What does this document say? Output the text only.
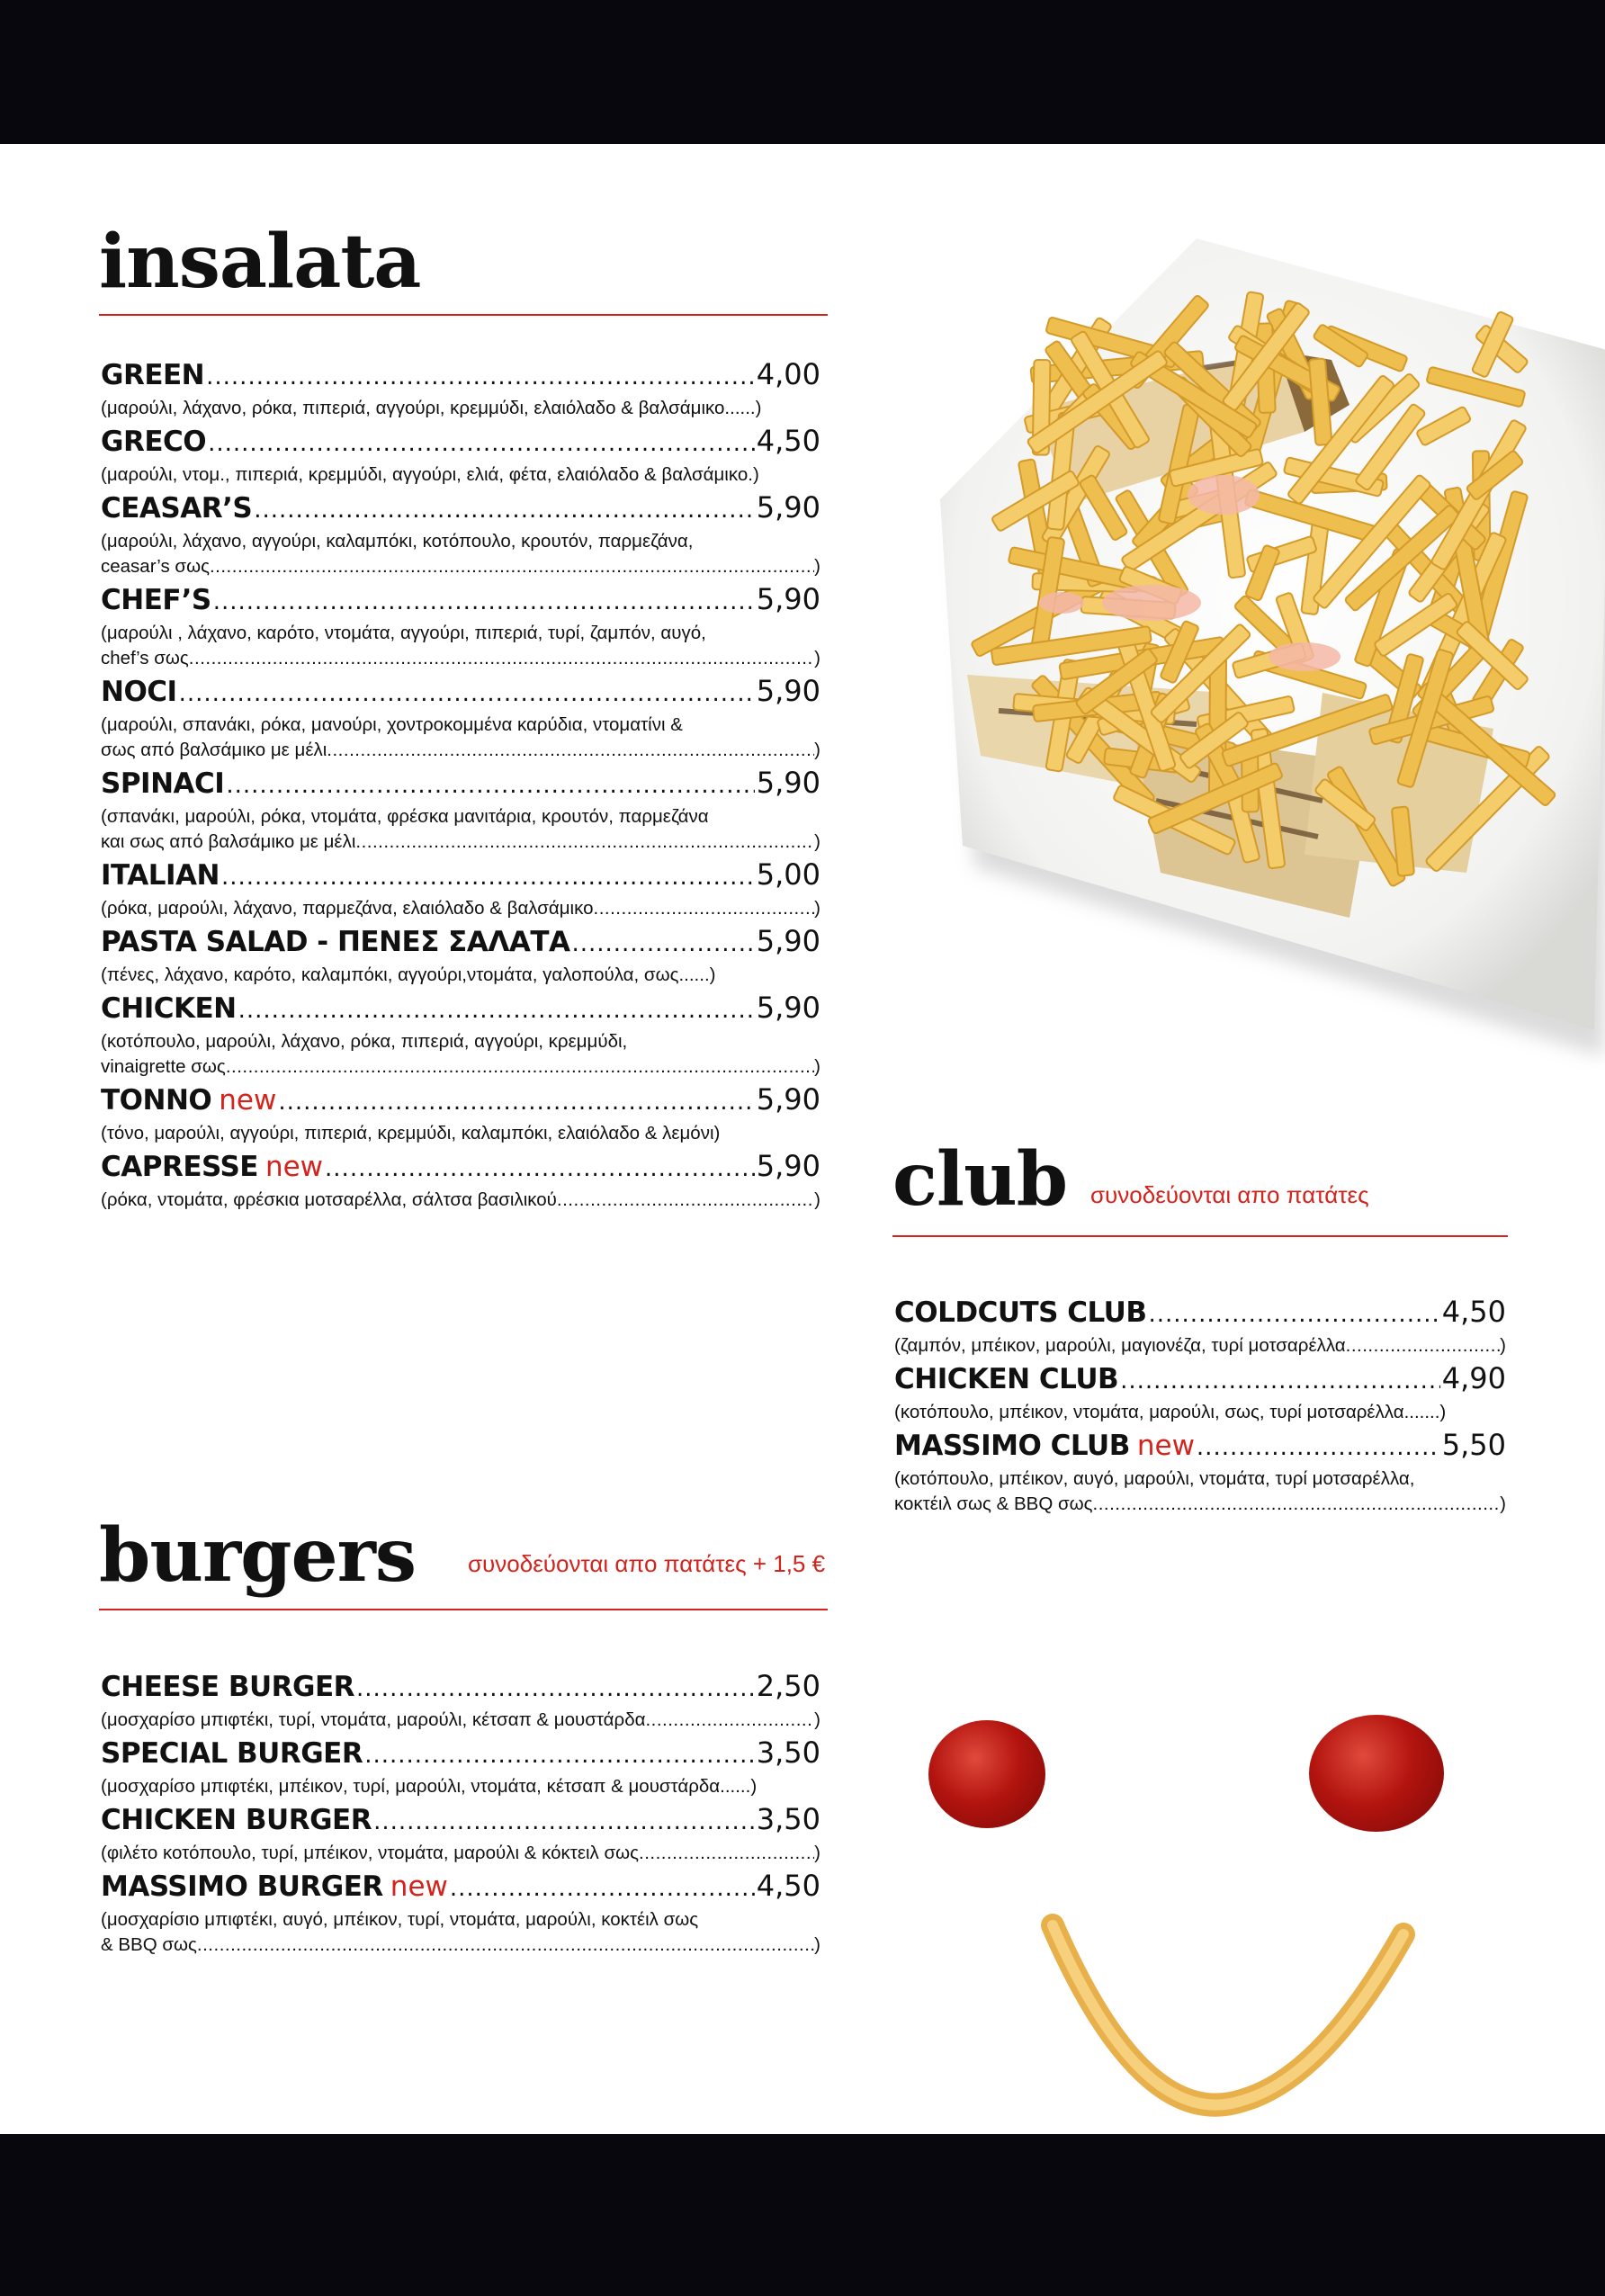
insalata
GREEN .....	4,00
(μαρούλι, λάχανο, ρόκα, πιπεριά, αγγούρι, κρεμμύδι, ελαιόλαδο & βαλσάμικο......)
GRECO .....	4,50
(μαρούλι, ντομ., πιπεριά, κρεμμύδι, αγγούρι, ελιά, φέτα, ελαιόλαδο & βαλσάμικο.)
CEASAR’S .....	5,90
(μαρούλι, λάχανο, αγγούρι, καλαμπόκι, κοτόπουλο, κρουτόν, παρμεζάνα,
ceasar’s σως .....	)
CHEF’S .....	5,90
(μαρούλι , λάχανο, καρότο, ντομάτα, αγγούρι, πιπεριά, τυρί, ζαμπόν, αυγό,
chef’s σως .....	)
NOCI .....	5,90
(μαρούλι, σπανάκι, ρόκα, μανούρι, χοντροκομμένα καρύδια, ντοματίνι &
σως από βαλσάμικο με μέλι .....	)
SPINACI .....	5,90
(σπανάκι, μαρούλι, ρόκα, ντομάτα, φρέσκα μανιτάρια, κρουτόν, παρμεζάνα
και σως από βαλσάμικο με μέλι .....	)
ITALIAN .....	5,00
(ρόκα, μαρούλι, λάχανο, παρμεζάνα, ελαιόλαδο & βαλσάμικο .....	)
PASTA SALAD - ΠΕΝΕΣ ΣΑΛΑΤΑ .....	5,90
(πένες, λάχανο, καρότο, καλαμπόκι, αγγούρι,ντομάτα, γαλοπούλα, σως......)
CHICKEN .....	5,90
(κοτόπουλο, μαρούλι, λάχανο, ρόκα, πιπεριά, αγγούρι, κρεμμύδι,
vinaigrette σως .....	)
TONNO new .....	5,90
(τόνο, μαρούλι, αγγούρι, πιπεριά, κρεμμύδι, καλαμπόκι, ελαιόλαδο & λεμόνι)
CAPRESSE new .....	5,90
(ρόκα, ντομάτα, φρέσκια μοτσαρέλλα, σάλτσα βασιλικού .....	)
burgers συνοδεύονται απο πατάτες + 1,5 €
CHEESE BURGER .....	2,50
(μοσχαρίσο μπιφτέκι, τυρί, ντομάτα, μαρούλι, κέτσαπ & μουστάρδα .....	)
SPECIAL BURGER .....	3,50
(μοσχαρίσο μπιφτέκι, μπέικον, τυρί, μαρούλι, ντομάτα, κέτσαπ & μουστάρδα......)
CHICKEN BURGER .....	3,50
(φιλέτο κοτόπουλο, τυρί, μπέικον, ντομάτα, μαρούλι & κόκτειλ σως .....	)
MASSIMO BURGER new .....	4,50
(μοσχαρίσιο μπιφτέκι, αυγό, μπέικον, τυρί, ντομάτα, μαρούλι, κοκτέιλ σως
& BBQ σως .....	)
club συνοδεύονται απο πατάτες
COLDCUTS CLUB .....	4,50
(ζαμπόν, μπέικον, μαρούλι, μαγιονέζα, τυρί μοτσαρέλλα .....	)
CHICKEN CLUB .....	4,90
(κοτόπουλο, μπέικον, ντομάτα, μαρούλι, σως, τυρί μοτσαρέλλα.......)
MASSIMO CLUB new .....	5,50
(κοτόπουλο, μπέικον, αυγό, μαρούλι, ντομάτα, τυρί μοτσαρέλλα,
κοκτέιλ σως & BBQ σως .....	)
